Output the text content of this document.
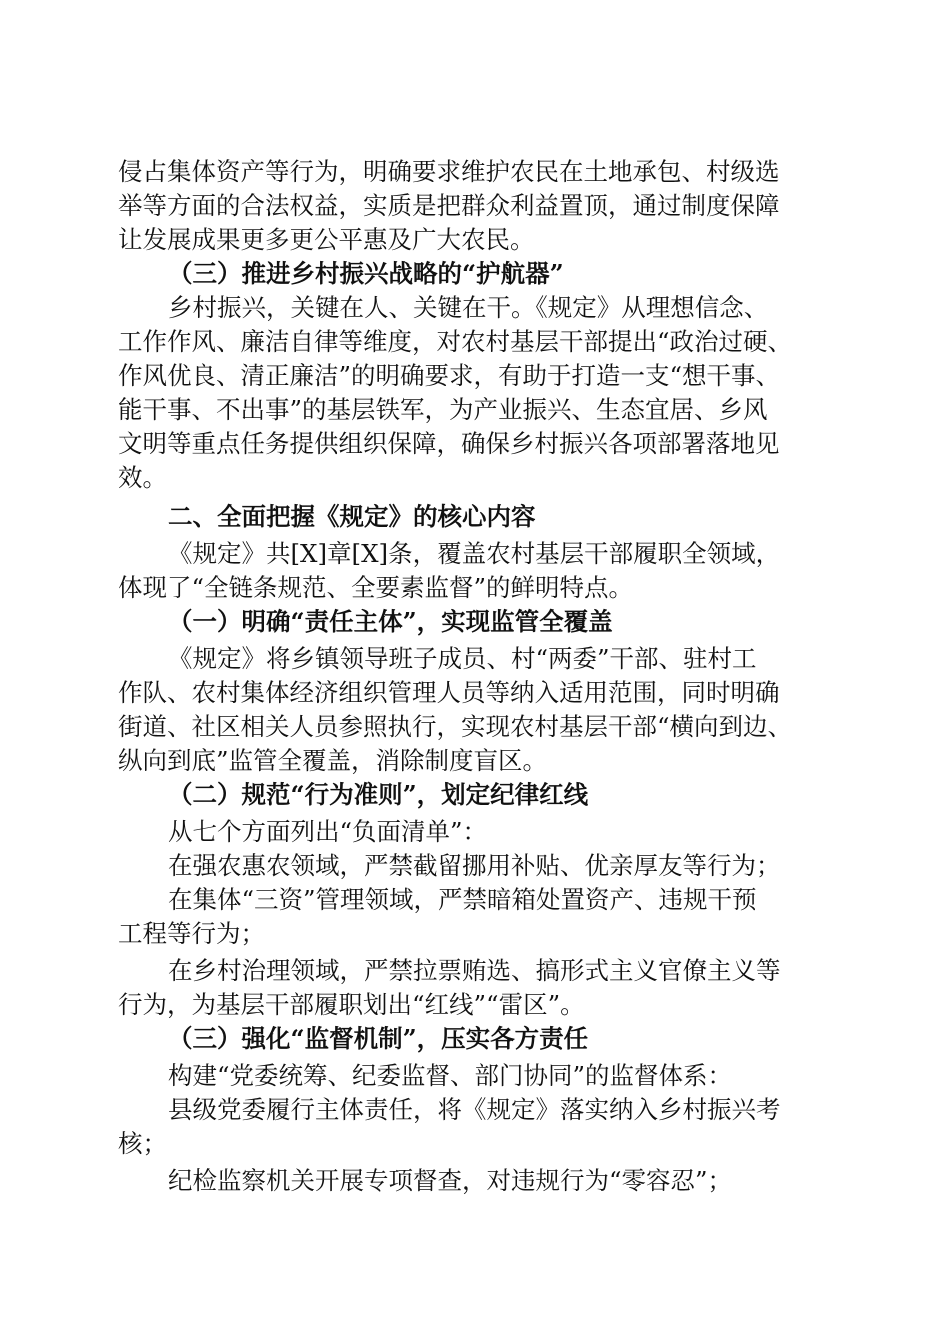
侵占集体资产等行为，明确要求维护农民在土地承包、村级选
举等方面的合法权益，实质是把群众利益置顶，通过制度保障
让发展成果更多更公平惠及广大农民。
（三）推进乡村振兴战略的“护航器”
乡村振兴，关键在人、关键在干。《规定》从理想信念、
工作作风、廉洁自律等维度，对农村基层干部提出“政治过硬、
作风优良、清正廉洁”的明确要求，有助于打造一支“想干事、
能干事、不出事”的基层铁军，为产业振兴、生态宜居、乡风
文明等重点任务提供组织保障，确保乡村振兴各项部署落地见
效。
二、全面把握《规定》的核心内容
《规定》共[X]章[X]条，覆盖农村基层干部履职全领域，
体现了“全链条规范、全要素监督”的鲜明特点。
（一）明确“责任主体”，实现监管全覆盖
《规定》将乡镇领导班子成员、村“两委”干部、驻村工
作队、农村集体经济组织管理人员等纳入适用范围，同时明确
街道、社区相关人员参照执行，实现农村基层干部“横向到边、
纵向到底”监管全覆盖，消除制度盲区。
（二）规范“行为准则”，划定纪律红线
从七个方面列出“负面清单”：
在强农惠农领域，严禁截留挪用补贴、优亲厚友等行为；
在集体“三资”管理领域，严禁暗箱处置资产、违规干预
工程等行为；
在乡村治理领域，严禁拉票贿选、搞形式主义官僚主义等
行为，为基层干部履职划出“红线”“雷区”。
（三）强化“监督机制”，压实各方责任
构建“党委统筹、纪委监督、部门协同”的监督体系：
县级党委履行主体责任，将《规定》落实纳入乡村振兴考
核；
纪检监察机关开展专项督查，对违规行为“零容忍”；
